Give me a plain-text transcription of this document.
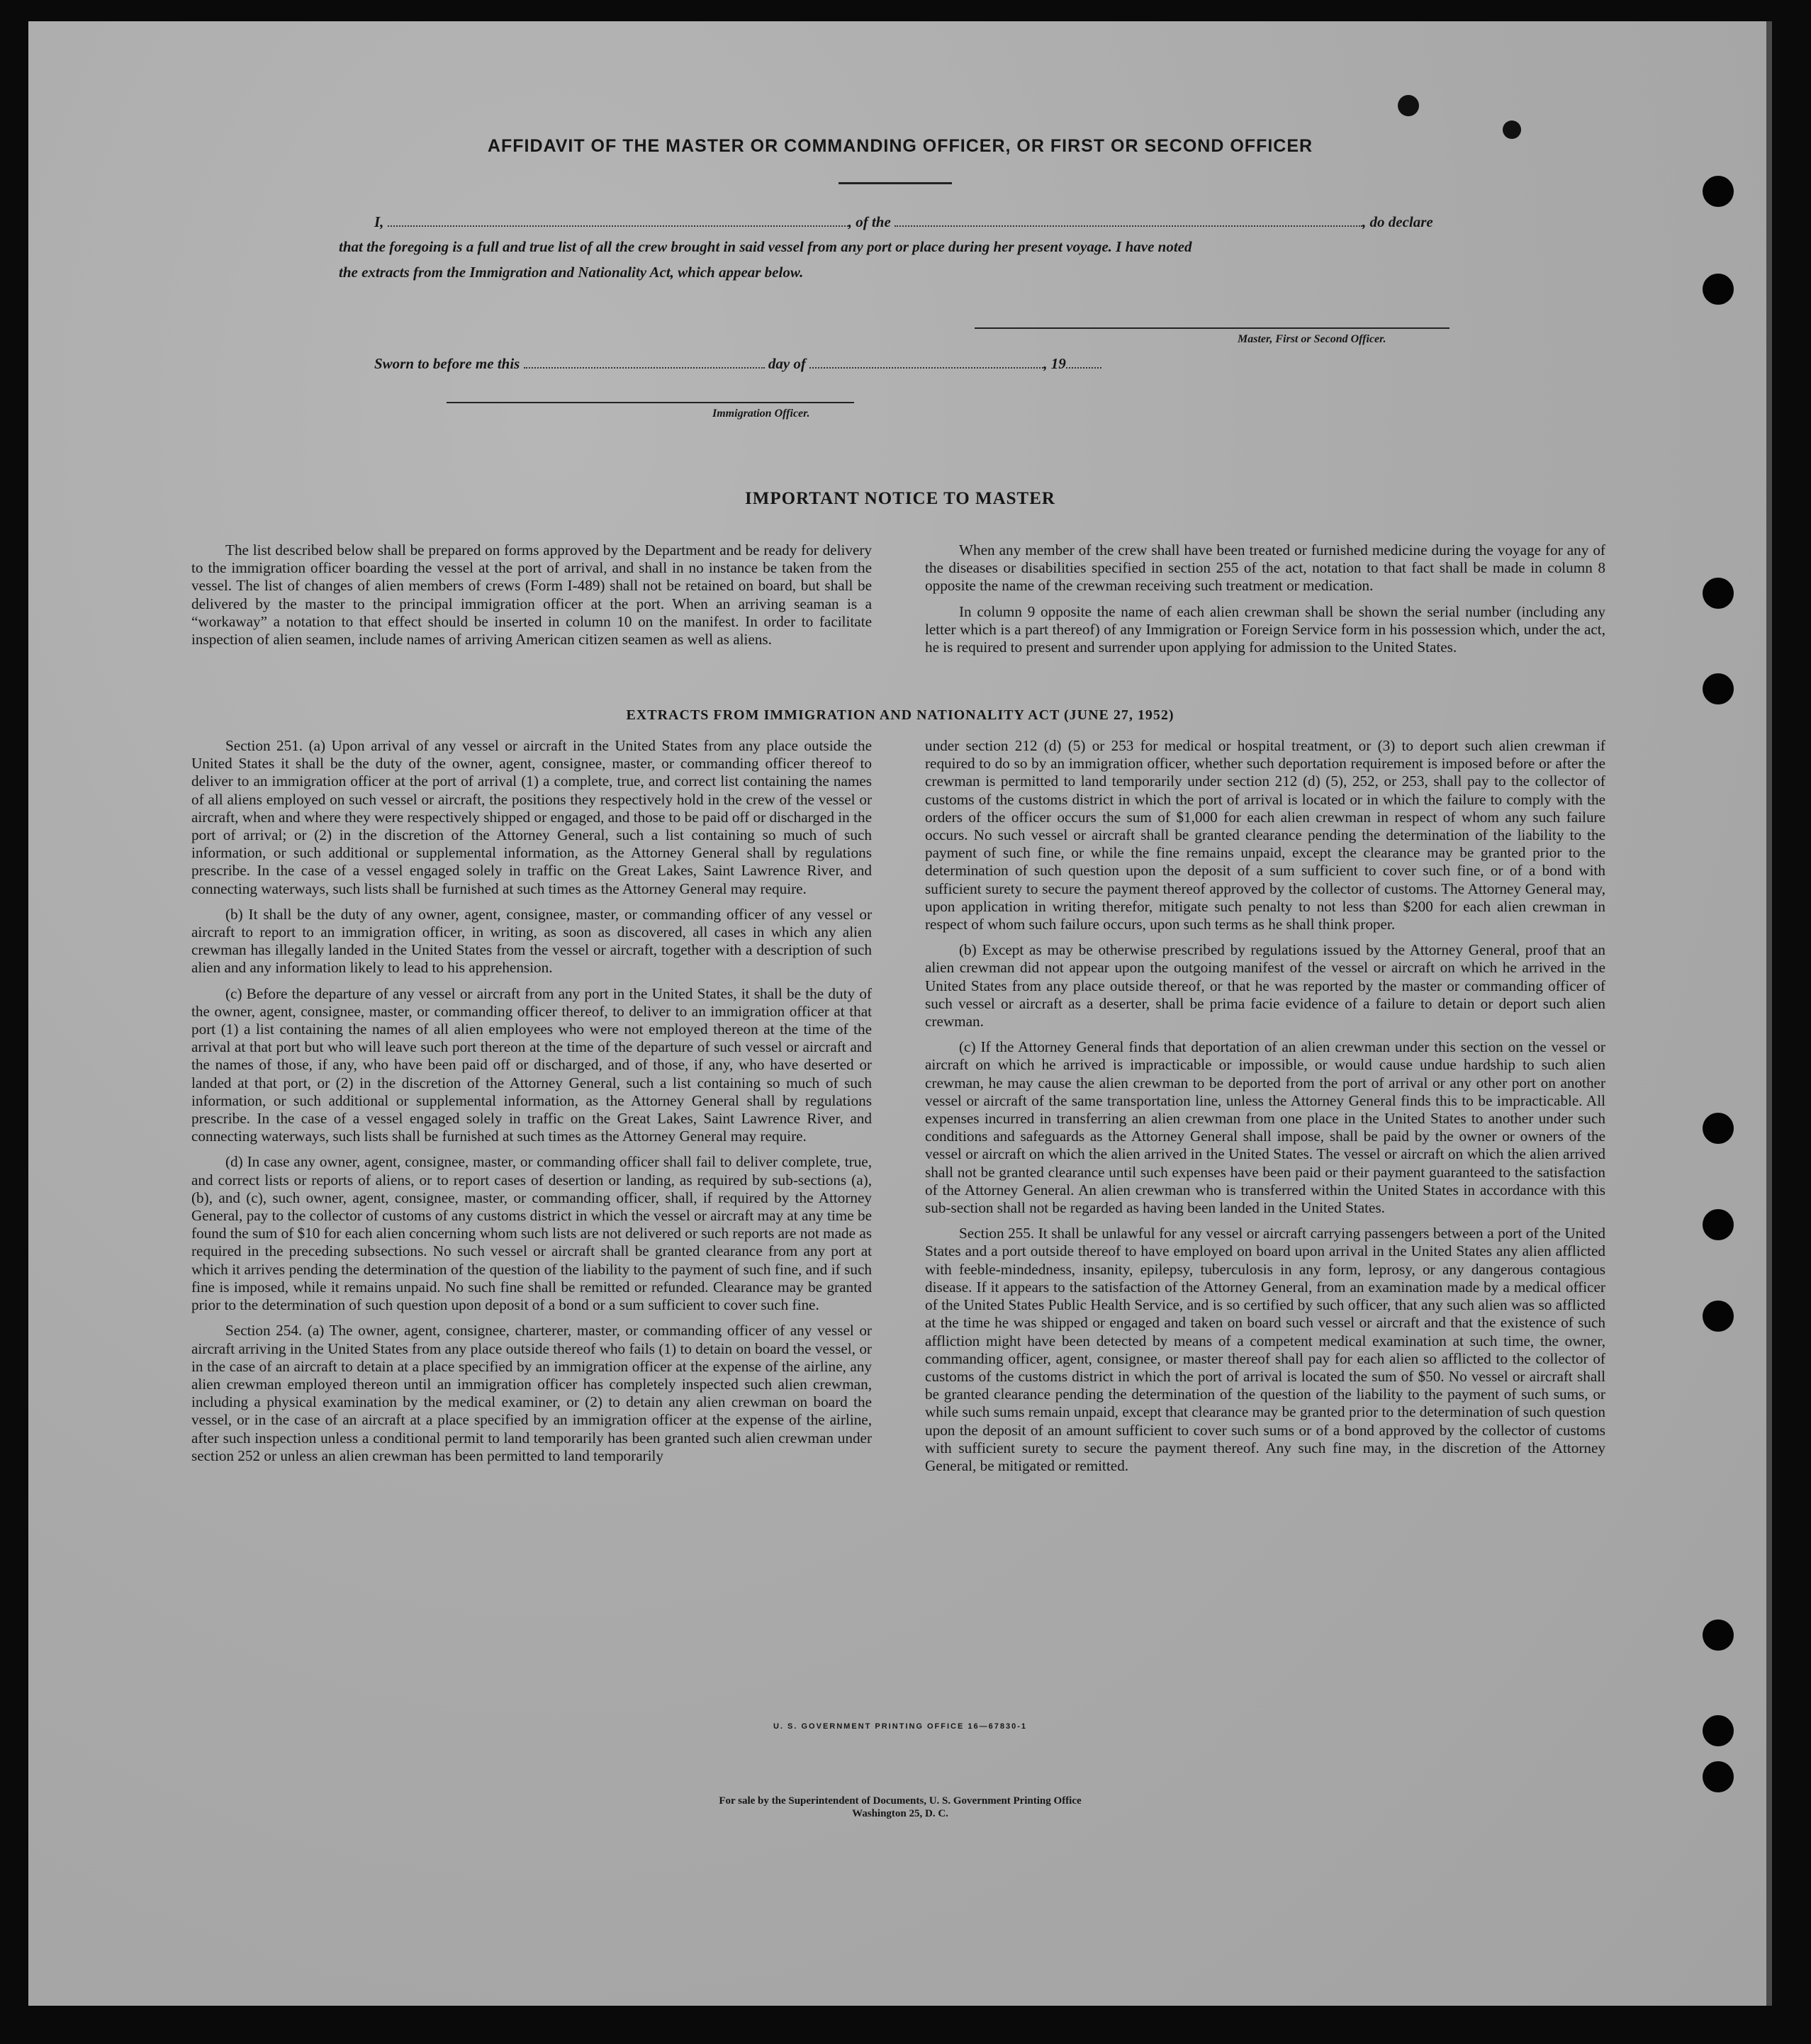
AFFIDAVIT OF THE MASTER OR COMMANDING OFFICER, OR FIRST OR SECOND OFFICER
I,	, of the	, do declare
that the foregoing is a full and true list of all the crew brought in said vessel from any port or place during her present voyage. I have noted
the extracts from the Immigration and Nationality Act, which appear below.
Master, First or Second Officer.
Sworn to before me this	day of	, 19
Immigration Officer.
IMPORTANT NOTICE TO MASTER

The list described below shall be prepared on forms approved by the Department and be ready for delivery to the immigration officer boarding the vessel at the port of arrival, and shall in no instance be taken from the vessel. The list of changes of alien members of crews (Form I-489) shall not be retained on board, but shall be delivered by the master to the principal immigration officer at the port. When an arriving seaman is a “workaway” a notation to that effect should be inserted in column 10 on the manifest. In order to facilitate inspection of alien seamen, include names of arriving American citizen seamen as well as aliens.

When any member of the crew shall have been treated or furnished medicine during the voyage for any of the diseases or disabilities specified in section 255 of the act, notation to that fact shall be made in column 8 opposite the name of the crewman receiving such treatment or medication.

In column 9 opposite the name of each alien crewman shall be shown the serial number (including any letter which is a part thereof) of any Immigration or Foreign Service form in his possession which, under the act, he is required to present and surrender upon applying for admission to the United States.

EXTRACTS FROM IMMIGRATION AND NATIONALITY ACT (JUNE 27, 1952)

Section 251. (a) Upon arrival of any vessel or aircraft in the United States from any place outside the United States it shall be the duty of the owner, agent, consignee, master, or commanding officer thereof to deliver to an immigration officer at the port of arrival (1) a complete, true, and correct list containing the names of all aliens employed on such vessel or aircraft, the positions they respectively hold in the crew of the vessel or aircraft, when and where they were respectively shipped or engaged, and those to be paid off or discharged in the port of arrival; or (2) in the discretion of the Attorney General, such a list containing so much of such information, or such additional or supplemental information, as the Attorney General shall by regulations prescribe. In the case of a vessel engaged solely in traffic on the Great Lakes, Saint Lawrence River, and connecting waterways, such lists shall be furnished at such times as the Attorney General may require.

(b) It shall be the duty of any owner, agent, consignee, master, or commanding officer of any vessel or aircraft to report to an immigration officer, in writing, as soon as discovered, all cases in which any alien crewman has illegally landed in the United States from the vessel or aircraft, together with a description of such alien and any information likely to lead to his apprehension.

(c) Before the departure of any vessel or aircraft from any port in the United States, it shall be the duty of the owner, agent, consignee, master, or commanding officer thereof, to deliver to an immigration officer at that port (1) a list containing the names of all alien employees who were not employed thereon at the time of the arrival at that port but who will leave such port thereon at the time of the departure of such vessel or aircraft and the names of those, if any, who have been paid off or discharged, and of those, if any, who have deserted or landed at that port, or (2) in the discretion of the Attorney General, such a list containing so much of such information, or such additional or supplemental information, as the Attorney General shall by regulations prescribe. In the case of a vessel engaged solely in traffic on the Great Lakes, Saint Lawrence River, and connecting waterways, such lists shall be furnished at such times as the Attorney General may require.

(d) In case any owner, agent, consignee, master, or commanding officer shall fail to deliver complete, true, and correct lists or reports of aliens, or to report cases of desertion or landing, as required by sub-sections (a), (b), and (c), such owner, agent, consignee, master, or commanding officer, shall, if required by the Attorney General, pay to the collector of customs of any customs district in which the vessel or aircraft may at any time be found the sum of $10 for each alien concerning whom such lists are not delivered or such reports are not made as required in the preceding subsections. No such vessel or aircraft shall be granted clearance from any port at which it arrives pending the determination of the question of the liability to the payment of such fine, and if such fine is imposed, while it remains unpaid. No such fine shall be remitted or refunded. Clearance may be granted prior to the determination of such question upon deposit of a bond or a sum sufficient to cover such fine.

Section 254. (a) The owner, agent, consignee, charterer, master, or commanding officer of any vessel or aircraft arriving in the United States from any place outside thereof who fails (1) to detain on board the vessel, or in the case of an aircraft to detain at a place specified by an immigration officer at the expense of the airline, any alien crewman employed thereon until an immigration officer has completely inspected such alien crewman, including a physical examination by the medical examiner, or (2) to detain any alien crewman on board the vessel, or in the case of an aircraft at a place specified by an immigration officer at the expense of the airline, after such inspection unless a conditional permit to land temporarily has been granted such alien crewman under section 252 or unless an alien crewman has been permitted to land temporarily

under section 212 (d) (5) or 253 for medical or hospital treatment, or (3) to deport such alien crewman if required to do so by an immigration officer, whether such deportation requirement is imposed before or after the crewman is permitted to land temporarily under section 212 (d) (5), 252, or 253, shall pay to the collector of customs of the customs district in which the port of arrival is located or in which the failure to comply with the orders of the officer occurs the sum of $1,000 for each alien crewman in respect of whom any such failure occurs. No such vessel or aircraft shall be granted clearance pending the determination of the liability to the payment of such fine, or while the fine remains unpaid, except the clearance may be granted prior to the determination of such question upon the deposit of a sum sufficient to cover such fine, or of a bond with sufficient surety to secure the payment thereof approved by the collector of customs. The Attorney General may, upon application in writing therefor, mitigate such penalty to not less than $200 for each alien crewman in respect of whom such failure occurs, upon such terms as he shall think proper.

(b) Except as may be otherwise prescribed by regulations issued by the Attorney General, proof that an alien crewman did not appear upon the outgoing manifest of the vessel or aircraft on which he arrived in the United States from any place outside thereof, or that he was reported by the master or commanding officer of such vessel or aircraft as a deserter, shall be prima facie evidence of a failure to detain or deport such alien crewman.

(c) If the Attorney General finds that deportation of an alien crewman under this section on the vessel or aircraft on which he arrived is impracticable or impossible, or would cause undue hardship to such alien crewman, he may cause the alien crewman to be deported from the port of arrival or any other port on another vessel or aircraft of the same transportation line, unless the Attorney General finds this to be impracticable. All expenses incurred in transferring an alien crewman from one place in the United States to another under such conditions and safeguards as the Attorney General shall impose, shall be paid by the owner or owners of the vessel or aircraft on which the alien arrived in the United States. The vessel or aircraft on which the alien arrived shall not be granted clearance until such expenses have been paid or their payment guaranteed to the satisfaction of the Attorney General. An alien crewman who is transferred within the United States in accordance with this sub-section shall not be regarded as having been landed in the United States.

Section 255. It shall be unlawful for any vessel or aircraft carrying passengers between a port of the United States and a port outside thereof to have employed on board upon arrival in the United States any alien afflicted with feeble-mindedness, insanity, epilepsy, tuberculosis in any form, leprosy, or any dangerous contagious disease. If it appears to the satisfaction of the Attorney General, from an examination made by a medical officer of the United States Public Health Service, and is so certified by such officer, that any such alien was so afflicted at the time he was shipped or engaged and taken on board such vessel or aircraft and that the existence of such affliction might have been detected by means of a competent medical examination at such time, the owner, commanding officer, agent, consignee, or master thereof shall pay for each alien so afflicted to the collector of customs of the customs district in which the port of arrival is located the sum of $50. No vessel or aircraft shall be granted clearance pending the determination of the question of the liability to the payment of such sums, or while such sums remain unpaid, except that clearance may be granted prior to the determination of such question upon the deposit of an amount sufficient to cover such sums or of a bond approved by the collector of customs with sufficient surety to secure the payment thereof. Any such fine may, in the discretion of the Attorney General, be mitigated or remitted.

U. S. GOVERNMENT PRINTING OFFICE 16—67830-1
For sale by the Superintendent of Documents, U. S. Government Printing Office
Washington 25, D. C.
